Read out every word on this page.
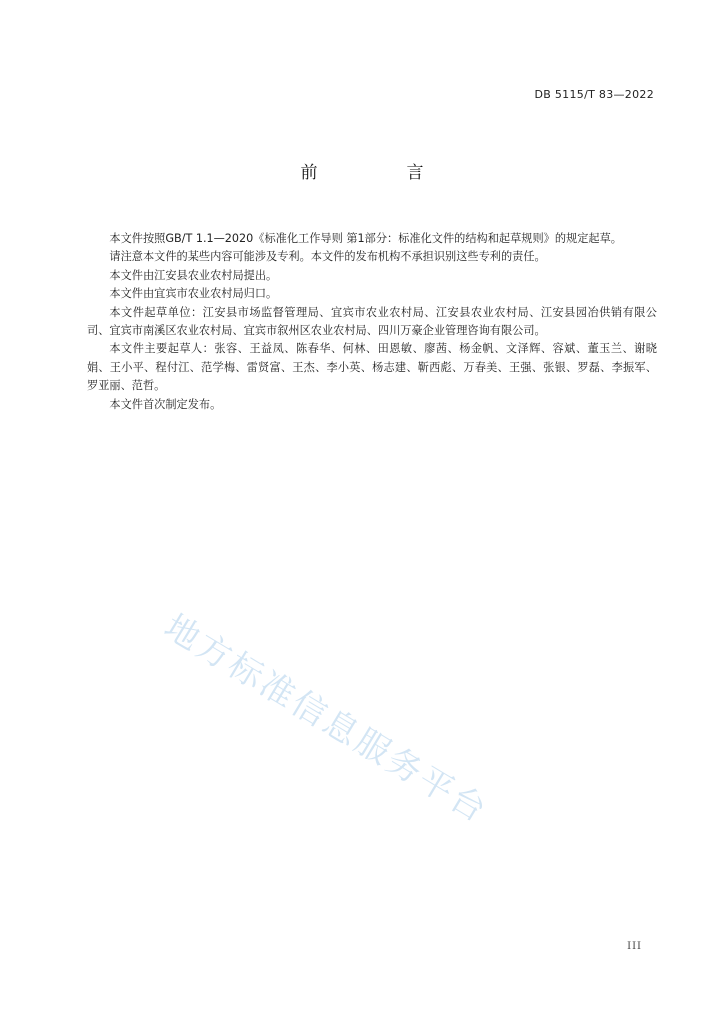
DB 5115/T 83—2022
前　言

本文件按照GB/T 1.1—2020《标准化工作导则 第1部分：标准化文件的结构和起草规则》的规定起草。

请注意本文件的某些内容可能涉及专利。本文件的发布机构不承担识别这些专利的责任。

本文件由江安县农业农村局提出。

本文件由宜宾市农业农村局归口。

本文件起草单位：江安县市场监督管理局、宜宾市农业农村局、江安县农业农村局、江安县园冶供销有限公司、宜宾市南溪区农业农村局、宜宾市叙州区农业农村局、四川万豪企业管理咨询有限公司。

本文件主要起草人：张容、王益凤、陈春华、何林、田恩敏、廖茜、杨金帆、文泽辉、容斌、董玉兰、谢晓娟、王小平、程付江、范学梅、雷贤富、王杰、李小英、杨志建、靳西彪、万春美、王强、张银、罗磊、李振军、罗亚丽、范哲。

本文件首次制定发布。

地方标准信息服务平台
III
